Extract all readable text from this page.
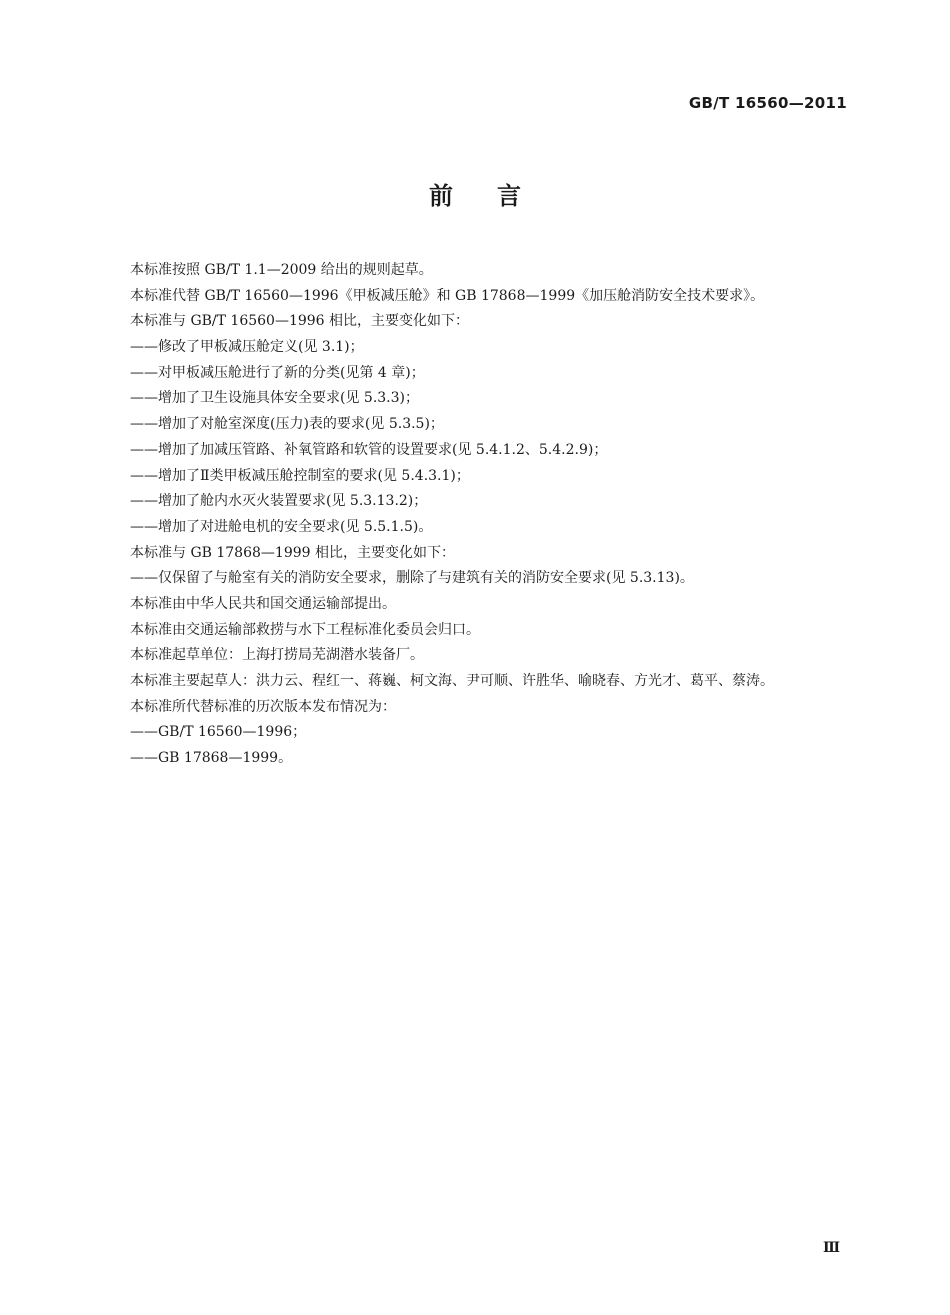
GB/T 16560—2011
前言
本标准按照 GB/T 1.1—2009 给出的规则起草。
本标准代替 GB/T 16560—1996《甲板减压舱》和 GB 17868—1999《加压舱消防安全技术要求》。
本标准与 GB/T 16560—1996 相比，主要变化如下：
——修改了甲板减压舱定义(见 3.1)；
——对甲板减压舱进行了新的分类(见第 4 章)；
——增加了卫生设施具体安全要求(见 5.3.3)；
——增加了对舱室深度(压力)表的要求(见 5.3.5)；
——增加了加减压管路、补氧管路和软管的设置要求(见 5.4.1.2、5.4.2.9)；
——增加了Ⅱ类甲板减压舱控制室的要求(见 5.4.3.1)；
——增加了舱内水灭火装置要求(见 5.3.13.2)；
——增加了对进舱电机的安全要求(见 5.5.1.5)。
本标准与 GB 17868—1999 相比，主要变化如下：
——仅保留了与舱室有关的消防安全要求，删除了与建筑有关的消防安全要求(见 5.3.13)。
本标准由中华人民共和国交通运输部提出。
本标准由交通运输部救捞与水下工程标准化委员会归口。
本标准起草单位：上海打捞局芜湖潜水装备厂。
本标准主要起草人：洪力云、程红一、蒋巍、柯文海、尹可顺、许胜华、喻晓春、方光才、葛平、蔡涛。
本标准所代替标准的历次版本发布情况为：
——GB/T 16560—1996；
——GB 17868—1999。
Ⅲ
